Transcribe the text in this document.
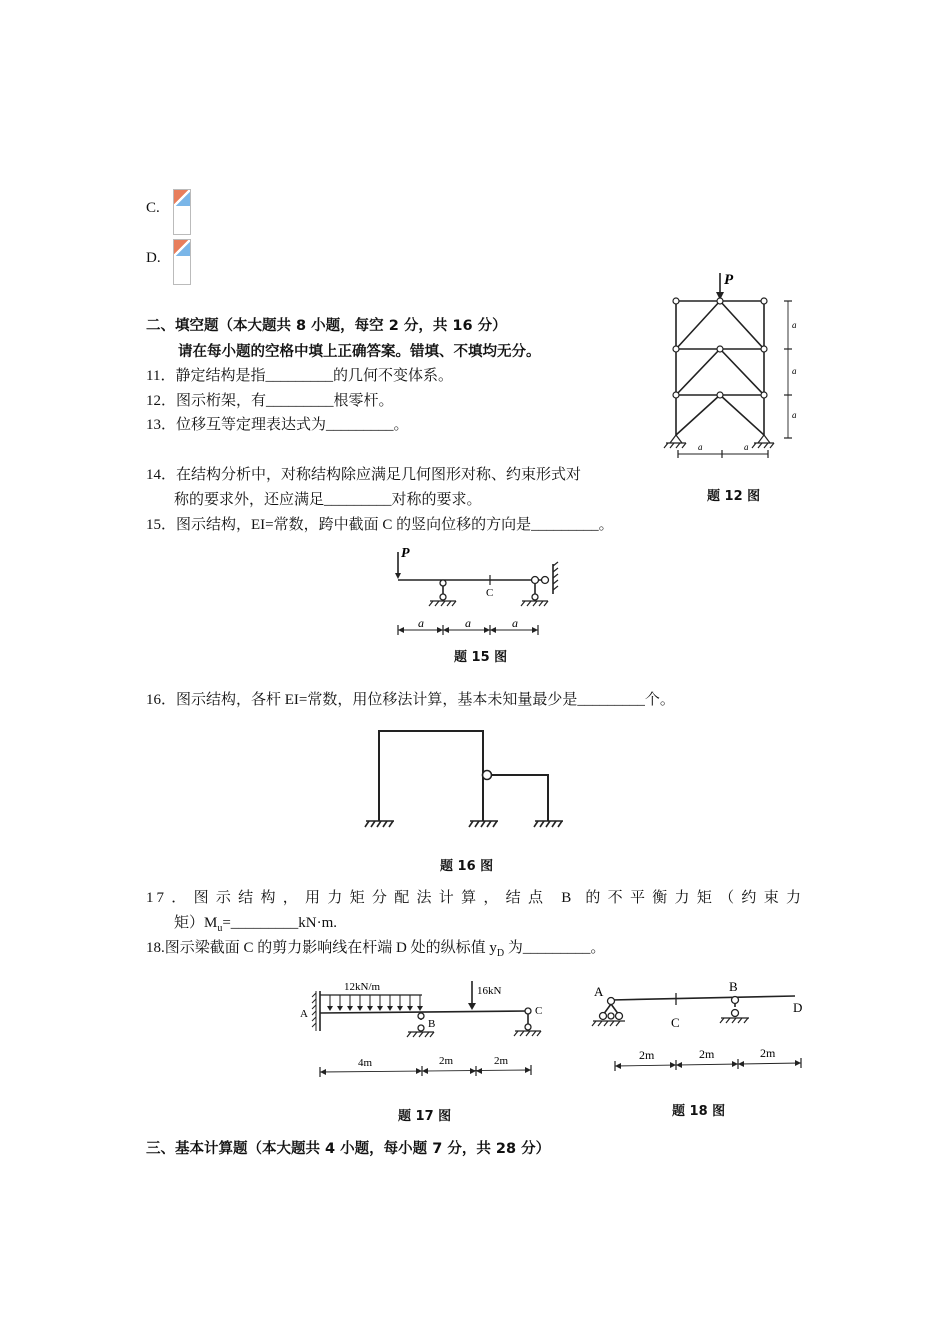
C.
D.
二、填空题（本大题共 8 小题，每空 2 分，共 16 分）
请在每小题的空格中填上正确答案。错填、不填均无分。
11．静定结构是指_________的几何不变体系。
12．图示桁架，有_________根零杆。
13．位移互等定理表达式为_________。
14．在结构分析中，对称结构除应满足几何图形对称、约束形式对
称的要求外，还应满足_________对称的要求。
15．图示结构，EI=常数，跨中截面 C 的竖向位移的方向是_________。
P
a
a
a
a	a
题 12 图
P
C
a	a	a
题 15 图
16．图示结构，各杆 EI=常数，用位移法计算，基本未知量最少是_________个。
题 16 图
17．图示结构，用力矩分配法计算，结点 B 的不平衡力矩（约束力
矩）$M_u=\_\_\_\_\_\_\_\_\_kN\cdot m$.
18.图示梁截面 C 的剪力影响线在杆端 D 处的纵标值 $y_D$ 为_________。
12kN/m	16kN
A
B
C
4m	2m	2m
题 17 图
A
C
B
D
2m	2m	2m
题 18 图
三、基本计算题（本大题共 4 小题，每小题 7 分，共 28 分）
